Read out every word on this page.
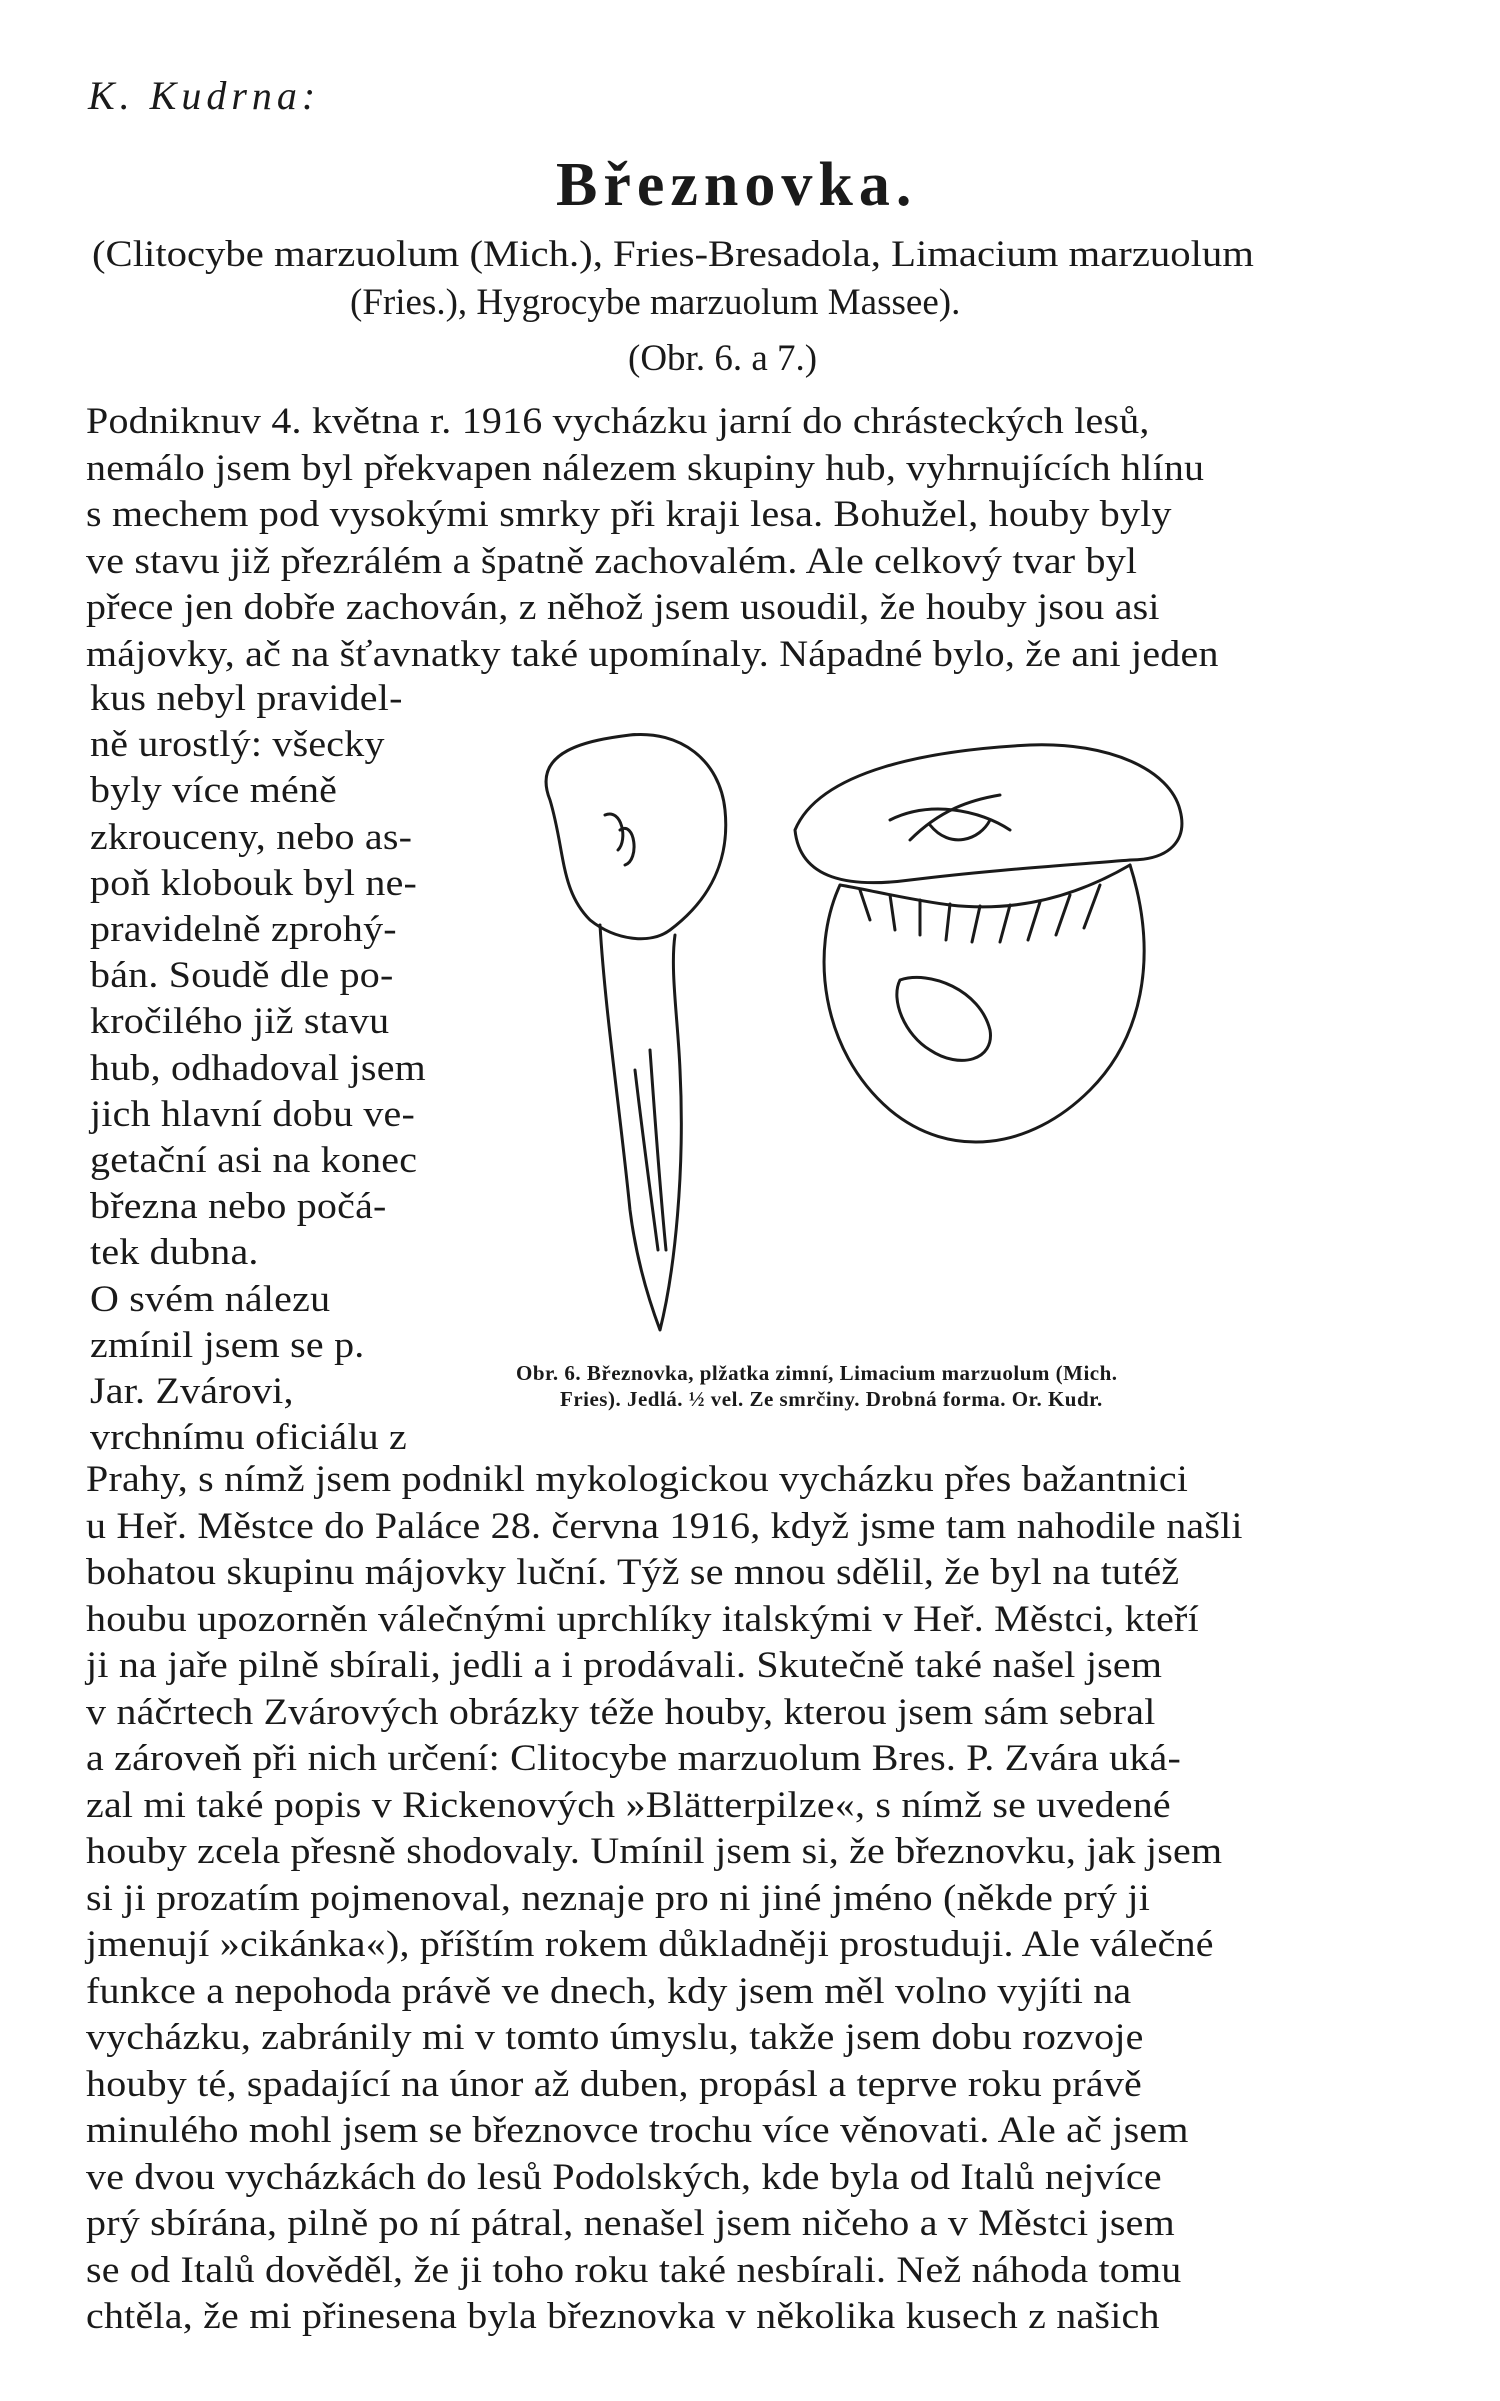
K. Kudrna:
Březnovka.
(Clitocybe marzuolum (Mich.), Fries-Bresadola, Limacium marzuolum
(Fries.), Hygrocybe marzuolum Massee).
(Obr. 6. a 7.)
Podniknuv 4. května r. 1916 vycházku jarní do chrásteckých lesů,
nemálo jsem byl překvapen nálezem skupiny hub, vyhrnujících hlínu
s mechem pod vysokými smrky při kraji lesa. Bohužel, houby byly
ve stavu již přezrálém a špatně zachovalém. Ale celkový tvar byl
přece jen dobře zachován, z něhož jsem usoudil, že houby jsou asi
májovky, ač na šťavnatky také upomínaly. Nápadné bylo, že ani jeden
kus nebyl pravidel-
ně urostlý: všecky
byly více méně
zkrouceny, nebo as-
poň klobouk byl ne-
pravidelně zprohý-
bán. Soudě dle po-
kročilého již stavu
hub, odhadoval jsem
jich hlavní dobu ve-
getační asi na konec
března nebo počá-
tek dubna.
O svém nálezu
zmínil jsem se p.
Jar. Zvárovi,
vrchnímu oficiálu z
Prahy, s nímž jsem podnikl mykologickou vycházku přes bažantnici
u Heř. Městce do Paláce 28. června 1916, když jsme tam nahodile našli
bohatou skupinu májovky luční. Týž se mnou sdělil, že byl na tutéž
houbu upozorněn válečnými uprchlíky italskými v Heř. Městci, kteří
ji na jaře pilně sbírali, jedli a i prodávali. Skutečně také našel jsem
v náčrtech Zvárových obrázky téže houby, kterou jsem sám sebral
a zároveň při nich určení: Clitocybe marzuolum Bres. P. Zvára uká-
zal mi také popis v Rickenových »Blätterpilze«, s nímž se uvedené
houby zcela přesně shodovaly. Umínil jsem si, že březnovku, jak jsem
si ji prozatím pojmenoval, neznaje pro ni jiné jméno (někde prý ji
jmenují »cikánka«), příštím rokem důkladněji prostuduji. Ale válečné
funkce a nepohoda právě ve dnech, kdy jsem měl volno vyjíti na
vycházku, zabránily mi v tomto úmyslu, takže jsem dobu rozvoje
houby té, spadající na únor až duben, propásl a teprve roku právě
minulého mohl jsem se březnovce trochu více věnovati. Ale ač jsem
ve dvou vycházkách do lesů Podolských, kde byla od Italů nejvíce
prý sbírána, pilně po ní pátral, nenašel jsem ničeho a v Městci jsem
se od Italů dověděl, že ji toho roku také nesbírali. Než náhoda tomu
chtěla, že mi přinesena byla březnovka v několika kusech z našich
Obr. 6. Březnovka, plžatka zimní, Limacium marzuolum (Mich.
Fries). Jedlá. ½ vel. Ze smrčiny. Drobná forma. Or. Kudr.
